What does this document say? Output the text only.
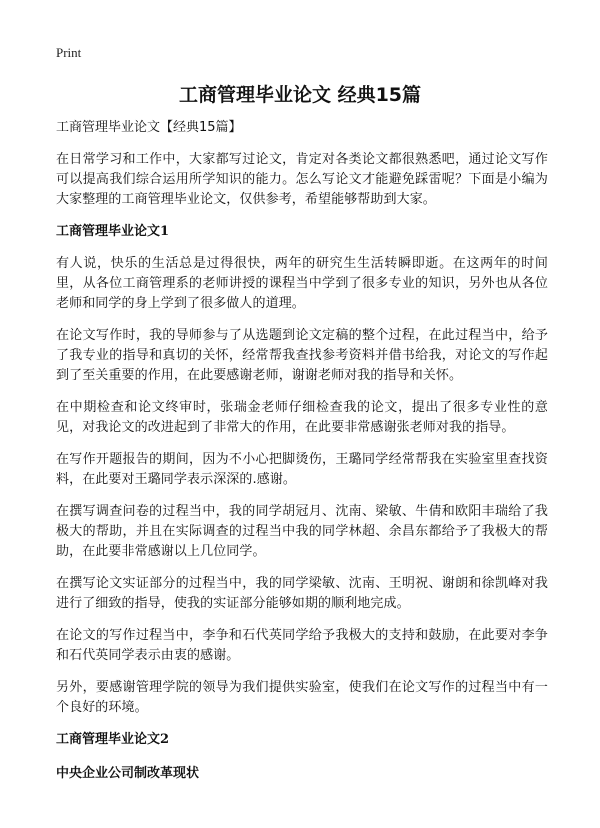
Print
工商管理毕业论文 经典15篇

工商管理毕业论文【经典15篇】

在日常学习和工作中，大家都写过论文，肯定对各类论文都很熟悉吧，通过论文写作可以提高我们综合运用所学知识的能力。怎么写论文才能避免踩雷呢？下面是小编为大家整理的工商管理毕业论文，仅供参考，希望能够帮助到大家。

工商管理毕业论文1

有人说，快乐的生活总是过得很快，两年的研究生生活转瞬即逝。在这两年的时间里，从各位工商管理系的老师讲授的课程当中学到了很多专业的知识，另外也从各位老师和同学的身上学到了很多做人的道理。

在论文写作时，我的导师参与了从选题到论文定稿的整个过程，在此过程当中，给予了我专业的指导和真切的关怀，经常帮我查找参考资料并借书给我，对论文的写作起到了至关重要的作用，在此要感谢老师，谢谢老师对我的指导和关怀。

在中期检查和论文终审时，张瑞金老师仔细检查我的论文，提出了很多专业性的意见，对我论文的改进起到了非常大的作用，在此要非常感谢张老师对我的指导。

在写作开题报告的期间，因为不小心把脚烫伤，王璐同学经常帮我在实验室里查找资料，在此要对王璐同学表示深深的.感谢。

在撰写调查问卷的过程当中，我的同学胡冠月、沈南、梁敏、牛倩和欧阳丰瑞给了我极大的帮助，并且在实际调查的过程当中我的同学林超、余昌东都给予了我极大的帮助，在此要非常感谢以上几位同学。

在撰写论文实证部分的过程当中，我的同学梁敏、沈南、王明祝、谢朗和徐凯峰对我进行了细致的指导，使我的实证部分能够如期的顺利地完成。

在论文的写作过程当中，李争和石代英同学给予我极大的支持和鼓励，在此要对李争和石代英同学表示由衷的感谢。

另外，要感谢管理学院的领导为我们提供实验室，使我们在论文写作的过程当中有一个良好的环境。

工商管理毕业论文2
中央企业公司制改革现状
